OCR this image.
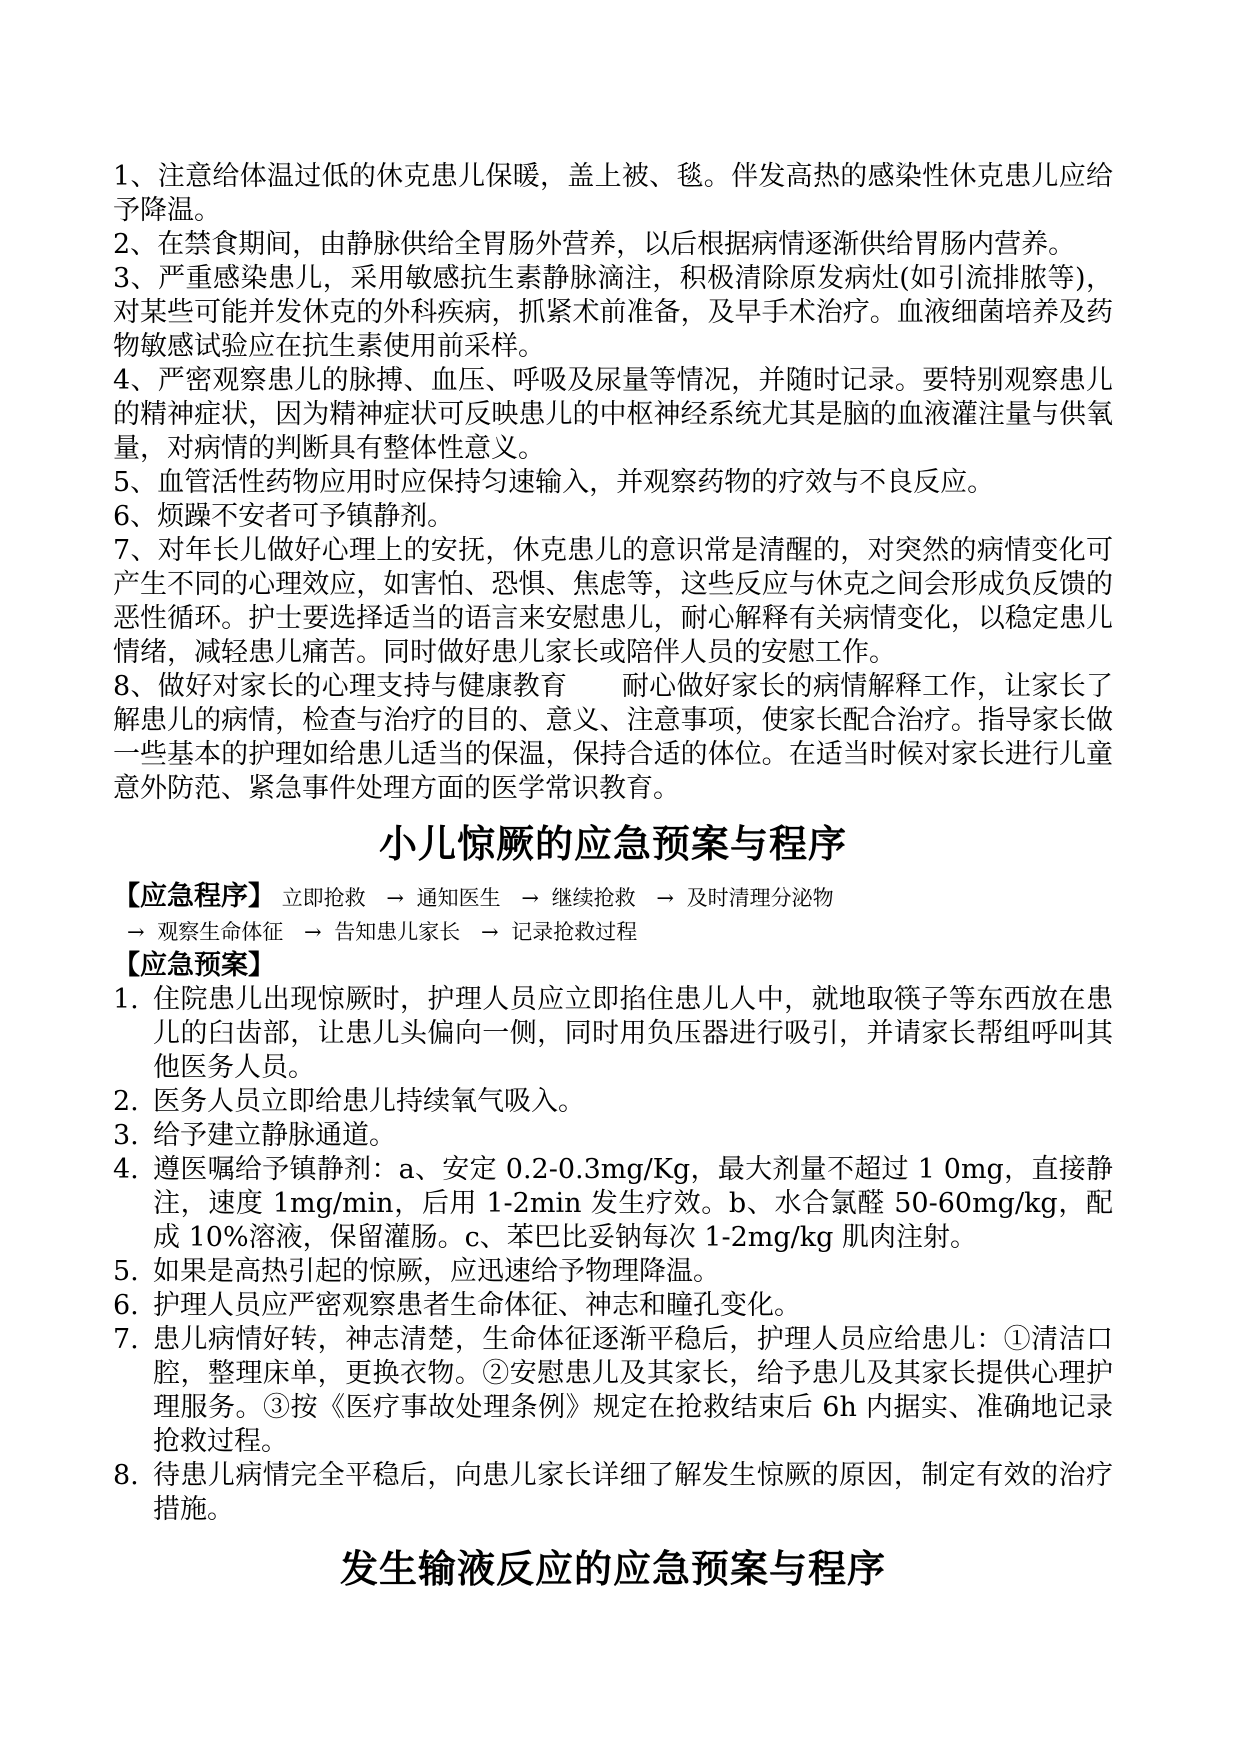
1、注意给体温过低的休克患儿保暖，盖上被、毯。伴发高热的感染性休克患儿应给予降温。

2、在禁食期间，由静脉供给全胃肠外营养，以后根据病情逐渐供给胃肠内营养。

3、严重感染患儿，采用敏感抗生素静脉滴注，积极清除原发病灶(如引流排脓等)，对某些可能并发休克的外科疾病，抓紧术前准备，及早手术治疗。血液细菌培养及药物敏感试验应在抗生素使用前采样。

4、严密观察患儿的脉搏、血压、呼吸及尿量等情况，并随时记录。要特别观察患儿的精神症状，因为精神症状可反映患儿的中枢神经系统尤其是脑的血液灌注量与供氧量，对病情的判断具有整体性意义。

5、血管活性药物应用时应保持匀速输入，并观察药物的疗效与不良反应。

6、烦躁不安者可予镇静剂。

7、对年长儿做好心理上的安抚，休克患儿的意识常是清醒的，对突然的病情变化可产生不同的心理效应，如害怕、恐惧、焦虑等，这些反应与休克之间会形成负反馈的恶性循环。护士要选择适当的语言来安慰患儿，耐心解释有关病情变化，以稳定患儿情绪，减轻患儿痛苦。同时做好患儿家长或陪伴人员的安慰工作。

8、做好对家长的心理支持与健康教育　　耐心做好家长的病情解释工作，让家长了解患儿的病情，检查与治疗的目的、意义、注意事项，使家长配合治疗。指导家长做一些基本的护理如给患儿适当的保温，保持合适的体位。在适当时候对家长进行儿童意外防范、紧急事件处理方面的医学常识教育。

小儿惊厥的应急预案与程序

【应急程序】 立即抢救 → 通知医生 → 继续抢救 → 及时清理分泌物

→ 观察生命体征 → 告知患儿家长 → 记录抢救过程

【应急预案】

1. 住院患儿出现惊厥时，护理人员应立即掐住患儿人中，就地取筷子等东西放在患儿的臼齿部，让患儿头偏向一侧，同时用负压器进行吸引，并请家长帮组呼叫其他医务人员。
2. 医务人员立即给患儿持续氧气吸入。
3. 给予建立静脉通道。
4. 遵医嘱给予镇静剂：a、安定 0.2-0.3mg/Kg，最大剂量不超过 1 0mg，直接静注，速度 1mg/min，后用 1-2min 发生疗效。b、水合氯醛 50-60mg/kg，配成 10%溶液，保留灌肠。c、苯巴比妥钠每次 1-2mg/kg 肌肉注射。
5. 如果是高热引起的惊厥，应迅速给予物理降温。
6. 护理人员应严密观察患者生命体征、神志和瞳孔变化。
7. 患儿病情好转，神志清楚，生命体征逐渐平稳后，护理人员应给患儿：①清洁口腔，整理床单，更换衣物。②安慰患儿及其家长，给予患儿及其家长提供心理护理服务。③按《医疗事故处理条例》规定在抢救结束后 6h 内据实、准确地记录抢救过程。
8. 待患儿病情完全平稳后，向患儿家长详细了解发生惊厥的原因，制定有效的治疗措施。
发生输液反应的应急预案与程序
